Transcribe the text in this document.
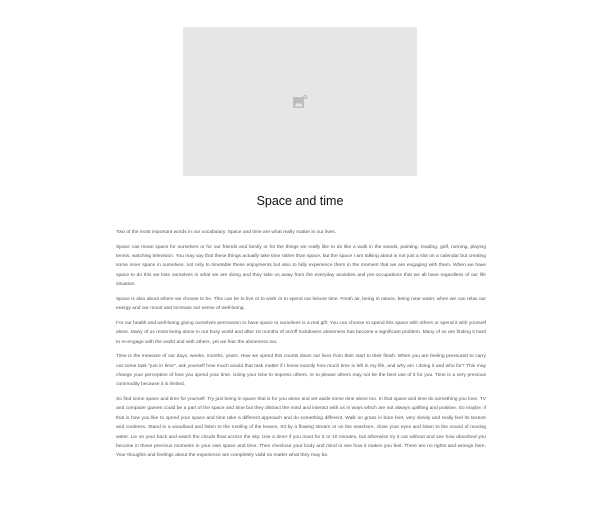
Space and time

Two of the most important words in our vocabulary. Space and time are what really matter in our lives.

Space can mean space for ourselves or for our friends and family or for the things we really like to do like a walk in the woods, painting, reading, golf, running, playing tennis, watching television. You may say that these things actually take time rather than space, but the space I am talking about is not just a slot on a calendar but creating some inner space in ourselves, not only to timetable these enjoyments but also to fully experience them in the moment that we are engaging with them. When we have space to do this we lose ourselves in what we are doing and they take us away from the everyday anxieties and pre-occupations that we all have regardless of our life situation.

Space is also about where we choose to be. This can be to live or to work or to spend our leisure time. Fresh air, being in nature, being near water, when we can relax our energy and our mood and increase our sense of well-being.

For our health and well-being giving ourselves permission to have space to ourselves is a real gift. You can choose to spend this space with others or spend it with yourself alone. Many of us resist being alone in our busy world and after 15 months of on/off lockdowns aloneness has become a significant problem. Many of us are finding it hard to re-engage with the world and with others, yet we fear the aloneness too.

Time is the measure of our days, weeks, months, years. How we spend this counts down our lives from their start to their finish. When you are feeling pressured to carry out some task "just in time", ask yourself how much would that task matter if I knew exactly how much time is left in my life, and why am I doing it and who for? This may change your perception of how you spend your time. Using your time to impress others, or to please others may not be the best use of it for you. Time is a very precious commodity because it is limited.

So find some space and time for yourself. Try just being in space that is for you alone and set aside some time alone too. In that space and time do something you love. TV and computer games could be a part of the space and time but they distract the mind and interact with us in ways which are not always uplifting and positive. So maybe, if that is how you like to spend your space and time take a different approach and do something different. Walk on grass in bare feet, very slowly and really feel its texture and coolness. Stand in a woodland and listen to the rustling of the leaves. Sit by a flowing stream or on the seashore, close your eyes and listen to the sound of moving water. Lie on your back and watch the clouds float across the sky. Use a timer if you must for 5 or 10 minutes, but otherwise try it out without and see how absorbed you become in those precious moments in your own space and time. Then checkout your body and mind to see how it makes you feel. There are no rights and wrongs here. Your thoughts and feelings about the experience are completely valid no matter what they may be.
